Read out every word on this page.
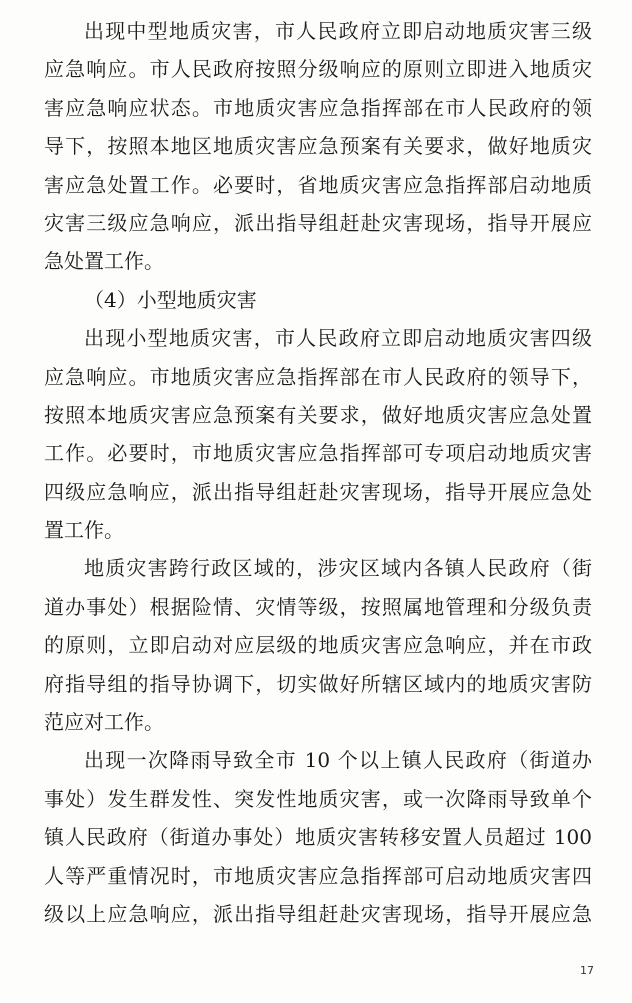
出现中型地质灾害，市人民政府立即启动地质灾害三级
应急响应。市人民政府按照分级响应的原则立即进入地质灾
害应急响应状态。市地质灾害应急指挥部在市人民政府的领
导下，按照本地区地质灾害应急预案有关要求，做好地质灾
害应急处置工作。必要时，省地质灾害应急指挥部启动地质
灾害三级应急响应，派出指导组赶赴灾害现场，指导开展应
急处置工作。
（4）小型地质灾害
出现小型地质灾害，市人民政府立即启动地质灾害四级
应急响应。市地质灾害应急指挥部在市人民政府的领导下，
按照本地质灾害应急预案有关要求，做好地质灾害应急处置
工作。必要时，市地质灾害应急指挥部可专项启动地质灾害
四级应急响应，派出指导组赶赴灾害现场，指导开展应急处
置工作。
地质灾害跨行政区域的，涉灾区域内各镇人民政府（街
道办事处）根据险情、灾情等级，按照属地管理和分级负责
的原则，立即启动对应层级的地质灾害应急响应，并在市政
府指导组的指导协调下，切实做好所辖区域内的地质灾害防
范应对工作。
出现一次降雨导致全市 10 个以上镇人民政府（街道办
事处）发生群发性、突发性地质灾害，或一次降雨导致单个
镇人民政府（街道办事处）地质灾害转移安置人员超过 100
人等严重情况时，市地质灾害应急指挥部可启动地质灾害四
级以上应急响应，派出指导组赶赴灾害现场，指导开展应急
17
